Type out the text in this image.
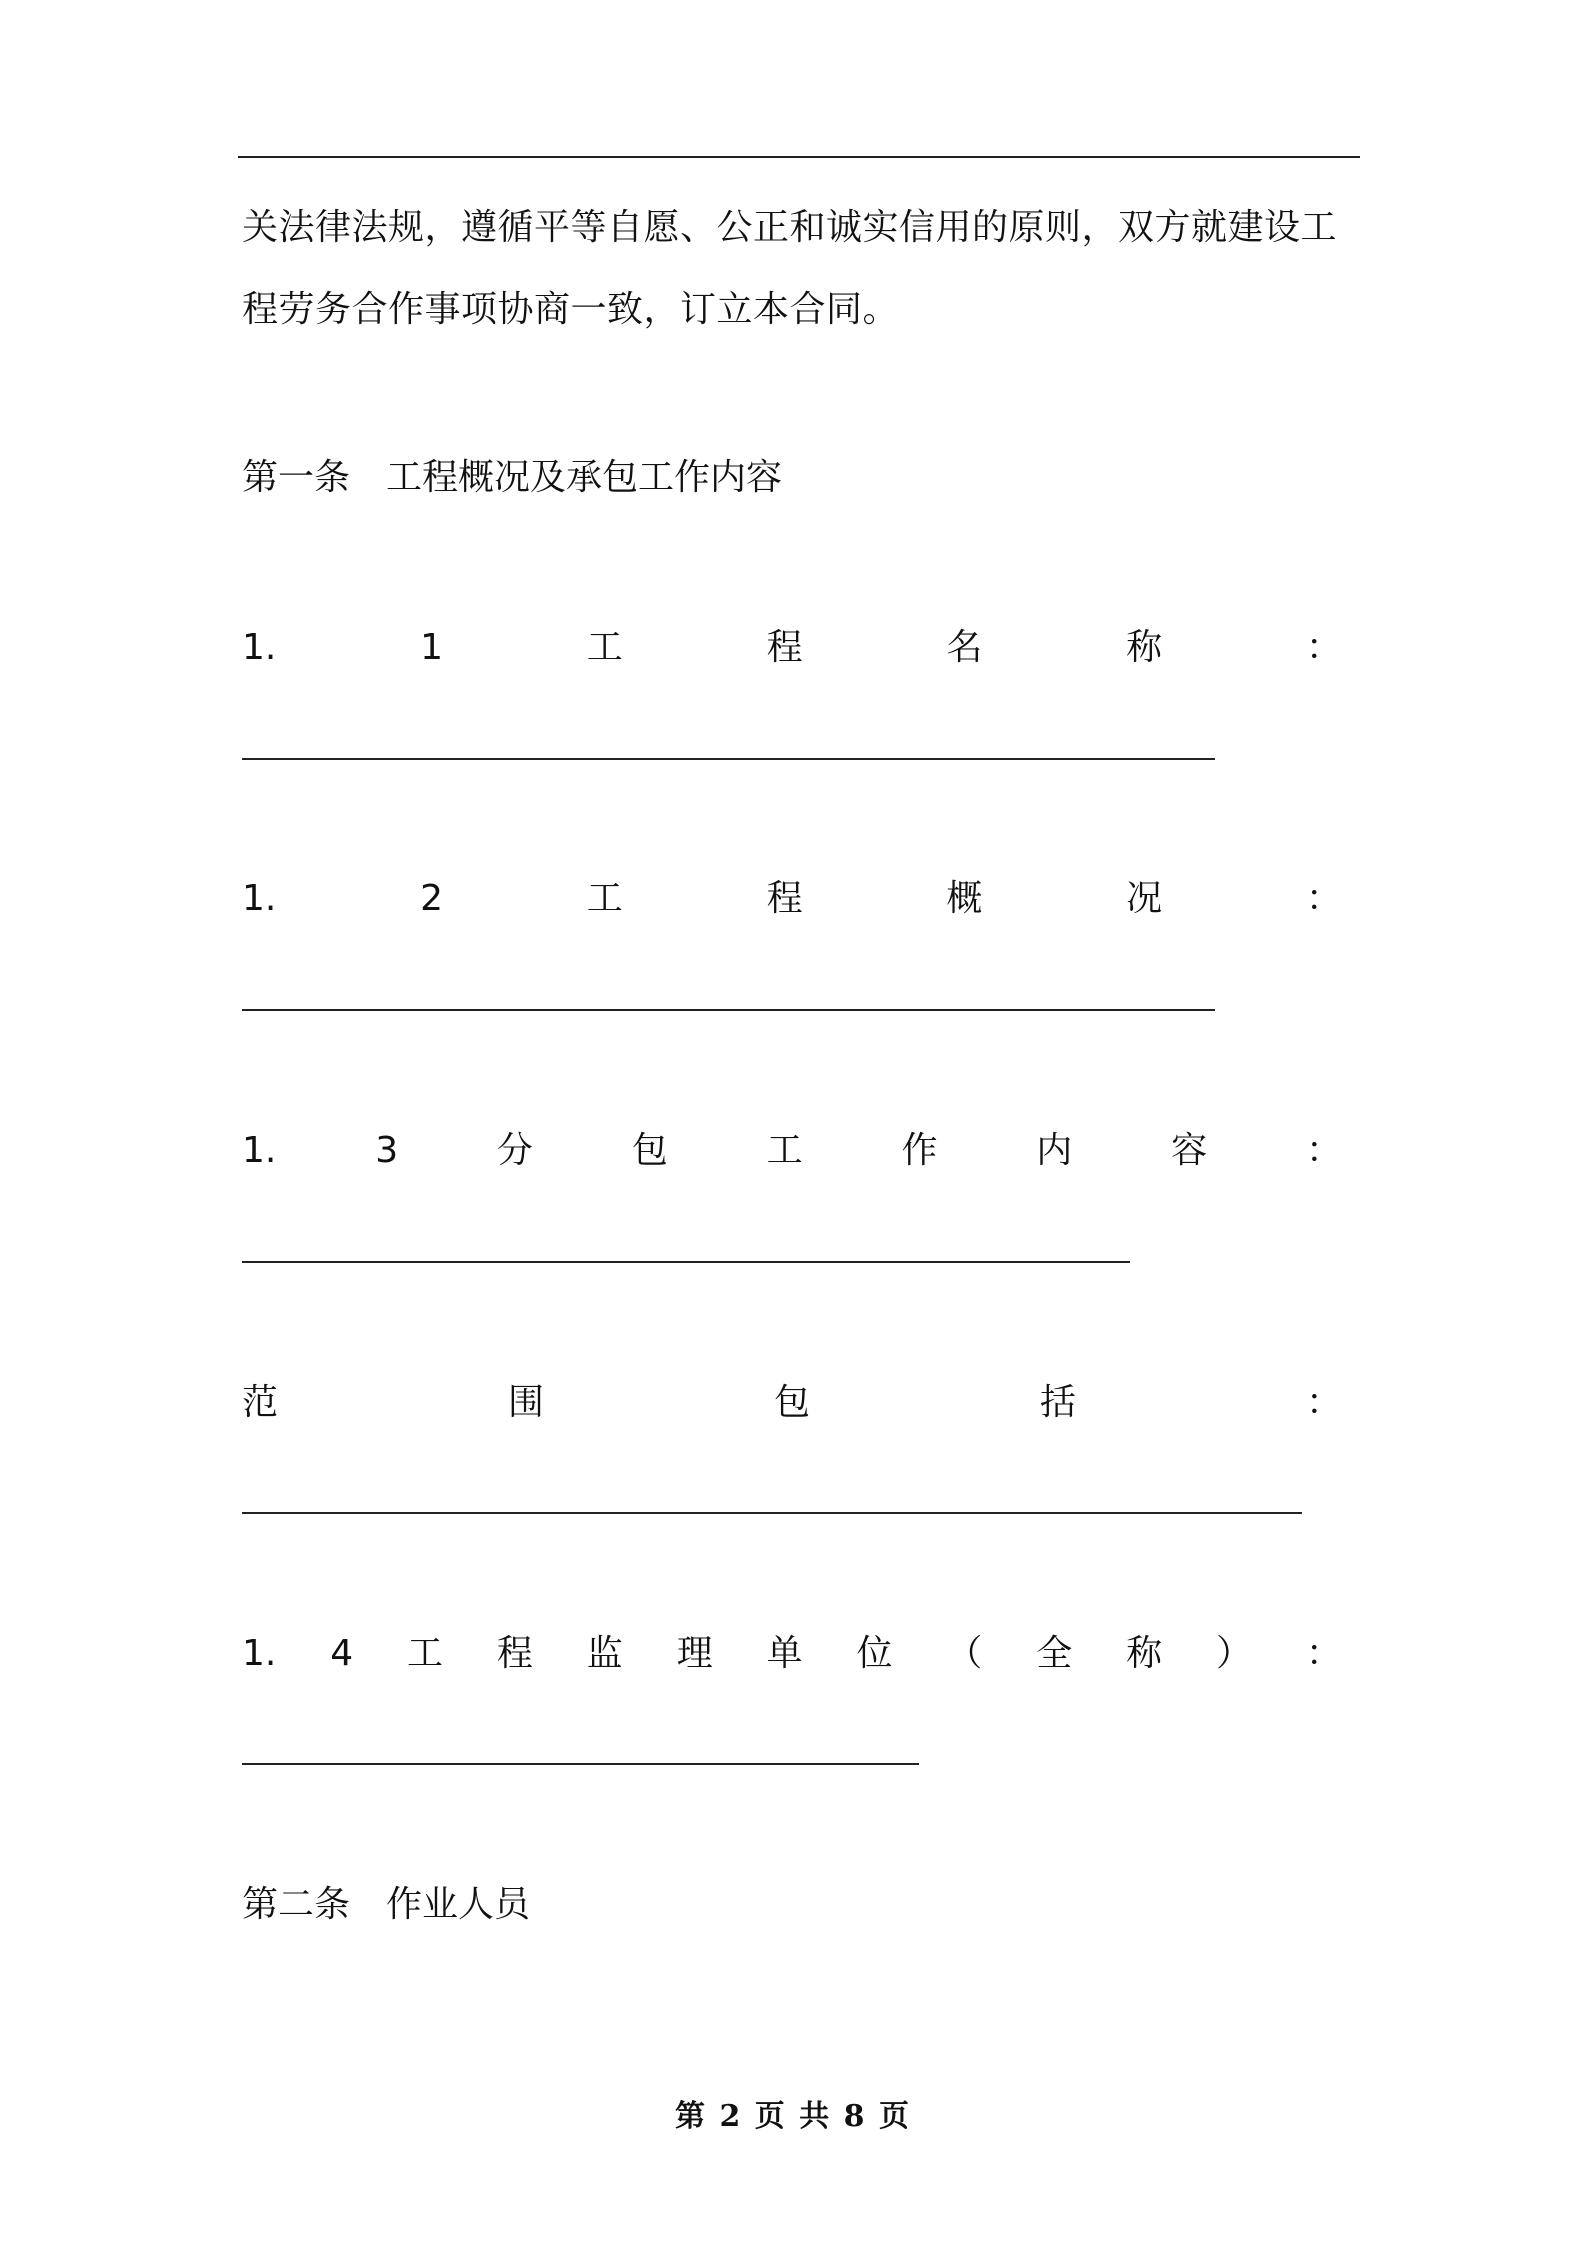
关法律法规，遵循平等自愿、公正和诚实信用的原则，双方就建设工
程劳务合作事项协商一致，订立本合同。
第一条　工程概况及承包工作内容
1.	1	工	程	名	称	：
1.	2	工	程	概	况	：
1.	3	分	包	工	作	内	容	：
范	围	包	括	：
1. 4 工 程 监 理 单 位 （ 全 称 ） ：
第二条　作业人员
第 2 页 共 8 页
